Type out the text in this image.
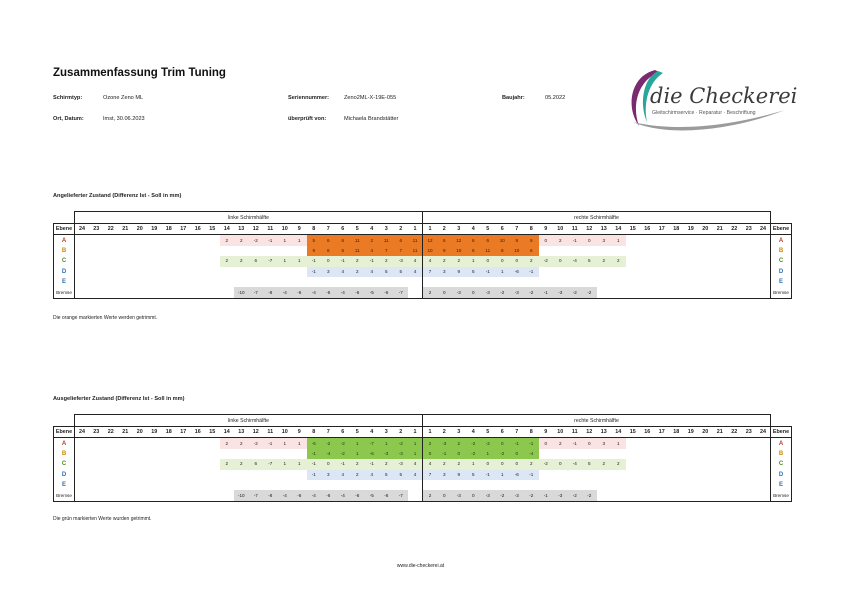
Zusammenfassung Trim Tuning
Schirmtyp:	Ozone Zeno ML	Seriennummer:	Zeno2ML-X-19E-055	Baujahr:	05.2022
Ort, Datum:	Imst, 30.06.2023	überprüft von:	Michaela Brandstätter
die Checkerei
Gleitschirmservice · Reparatur · Beschriftung
Angelieferter Zustand (Differenz Ist - Soll in mm)
Ausgelieferter Zustand (Differenz Ist - Soll in mm)
	linke Schirmhälfte																								rechte Schirmhälfte																								
Ebene	24	23	22	21	20	19	18	17	16	15	14	13	12	11	10	9	8	7	6	5	4	3	2	1	1	2	3	4	5	6	7	8	9	10	11	12	13	14	15	16	17	18	19	20	21	22	23	24	Ebene
A											2	2	-2	-1	1	1	5	6	6	11	2	11	6	11	12	6	12	6	6	10	9	9	0	2	-1	0	3	1											A
B																	9	6	6	11	4	7	7	11	10	9	10	6	11	8	10	6																	B
C											2	2	6	-7	1	1	-1	0	-1	2	-1	2	-3	4	4	2	2	1	0	0	0	2	-2	0	-4	5	2	2											C
D																	-1	3	4	2	4	5	5	4	7	3	9	5	-1	1	-6	-1																	D
E																																																	E
Bremse												-10	-7	-8	-4	-6	-4	-6	-4	-6	-5	-6	-7		2	0	-3	0	-3	-2	-3	-2	-1	-3	-2	-2													Bremse
	linke Schirmhälfte																								rechte Schirmhälfte																								
Ebene	24	23	22	21	20	19	18	17	16	15	14	13	12	11	10	9	8	7	6	5	4	3	2	1	1	2	3	4	5	6	7	8	9	10	11	12	13	14	15	16	17	18	19	20	21	22	23	24	Ebene
A											2	2	-2	-1	1	1	-5	-2	-2	1	-7	1	-2	1	2	-3	2	-2	-2	0	-1	-1	0	2	-1	0	3	1											A
B																	-1	-4	-2	1	-6	-3	-3	1	0	-1	0	-2	1	-2	0	-4																	B
C											2	2	6	-7	1	1	-1	0	-1	2	-1	2	-3	4	4	2	2	1	0	0	0	2	-2	0	-4	5	2	2											C
D																	-1	3	4	2	4	5	5	4	7	3	9	5	-1	1	-6	-1																	D
E																																																	E
Bremse												-10	-7	-8	-4	-6	-4	-6	-4	-6	-5	-6	-7		2	0	-3	0	-3	-2	-3	-2	-1	-3	-2	-2													Bremse
Die orange markierten Werte werden getrimmt.
Die grün markierten Werte wurden getrimmt.
www.die-checkerei.at
